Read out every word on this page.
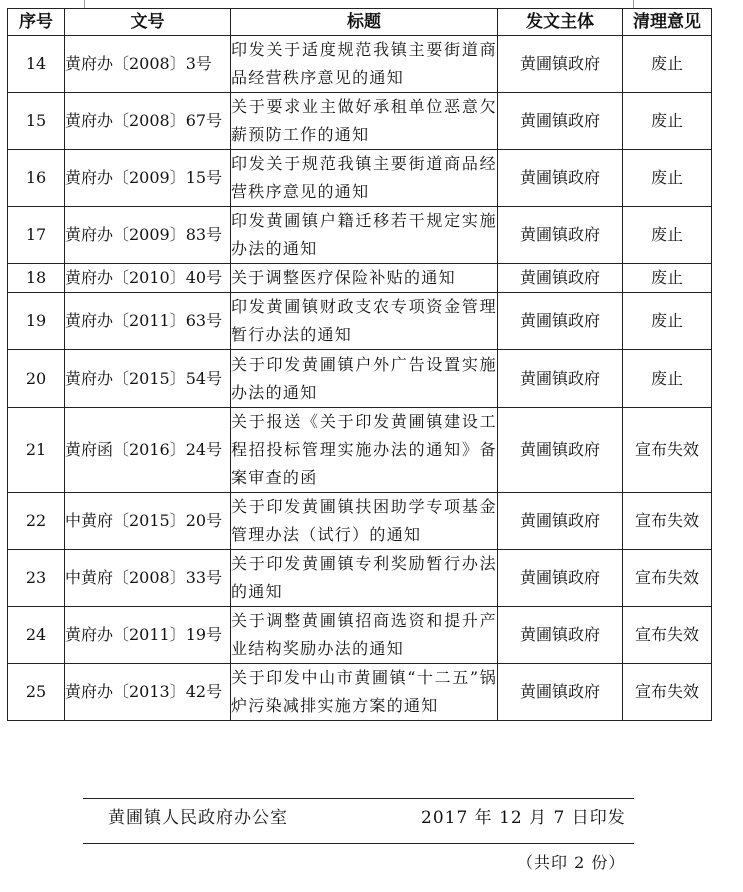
序号	文号	标题	发文主体	清理意见
14	黄府办〔2008〕3号	印发关于适度规范我镇主要街道商品经营秩序意见的通知	黄圃镇政府	废止
15	黄府办〔2008〕67号	关于要求业主做好承租单位恶意欠薪预防工作的通知	黄圃镇政府	废止
16	黄府办〔2009〕15号	印发关于规范我镇主要街道商品经营秩序意见的通知	黄圃镇政府	废止
17	黄府办〔2009〕83号	印发黄圃镇户籍迁移若干规定实施办法的通知	黄圃镇政府	废止
18	黄府办〔2010〕40号	关于调整医疗保险补贴的通知	黄圃镇政府	废止
19	黄府办〔2011〕63号	印发黄圃镇财政支农专项资金管理暂行办法的通知	黄圃镇政府	废止
20	黄府办〔2015〕54号	关于印发黄圃镇户外广告设置实施办法的通知	黄圃镇政府	废止
21	黄府函〔2016〕24号	关于报送《关于印发黄圃镇建设工程招投标管理实施办法的通知》备案审查的函	黄圃镇政府	宣布失效
22	中黄府〔2015〕20号	关于印发黄圃镇扶困助学专项基金管理办法（试行）的通知	黄圃镇政府	宣布失效
23	中黄府〔2008〕33号	关于印发黄圃镇专利奖励暂行办法的通知	黄圃镇政府	宣布失效
24	黄府办〔2011〕19号	关于调整黄圃镇招商选资和提升产业结构奖励办法的通知	黄圃镇政府	宣布失效
25	黄府办〔2013〕42号	关于印发中山市黄圃镇“十二五”锅炉污染减排实施方案的通知	黄圃镇政府	宣布失效
黄圃镇人民政府办公室	2017 年 12 月 7 日印发
（共印 2 份）
